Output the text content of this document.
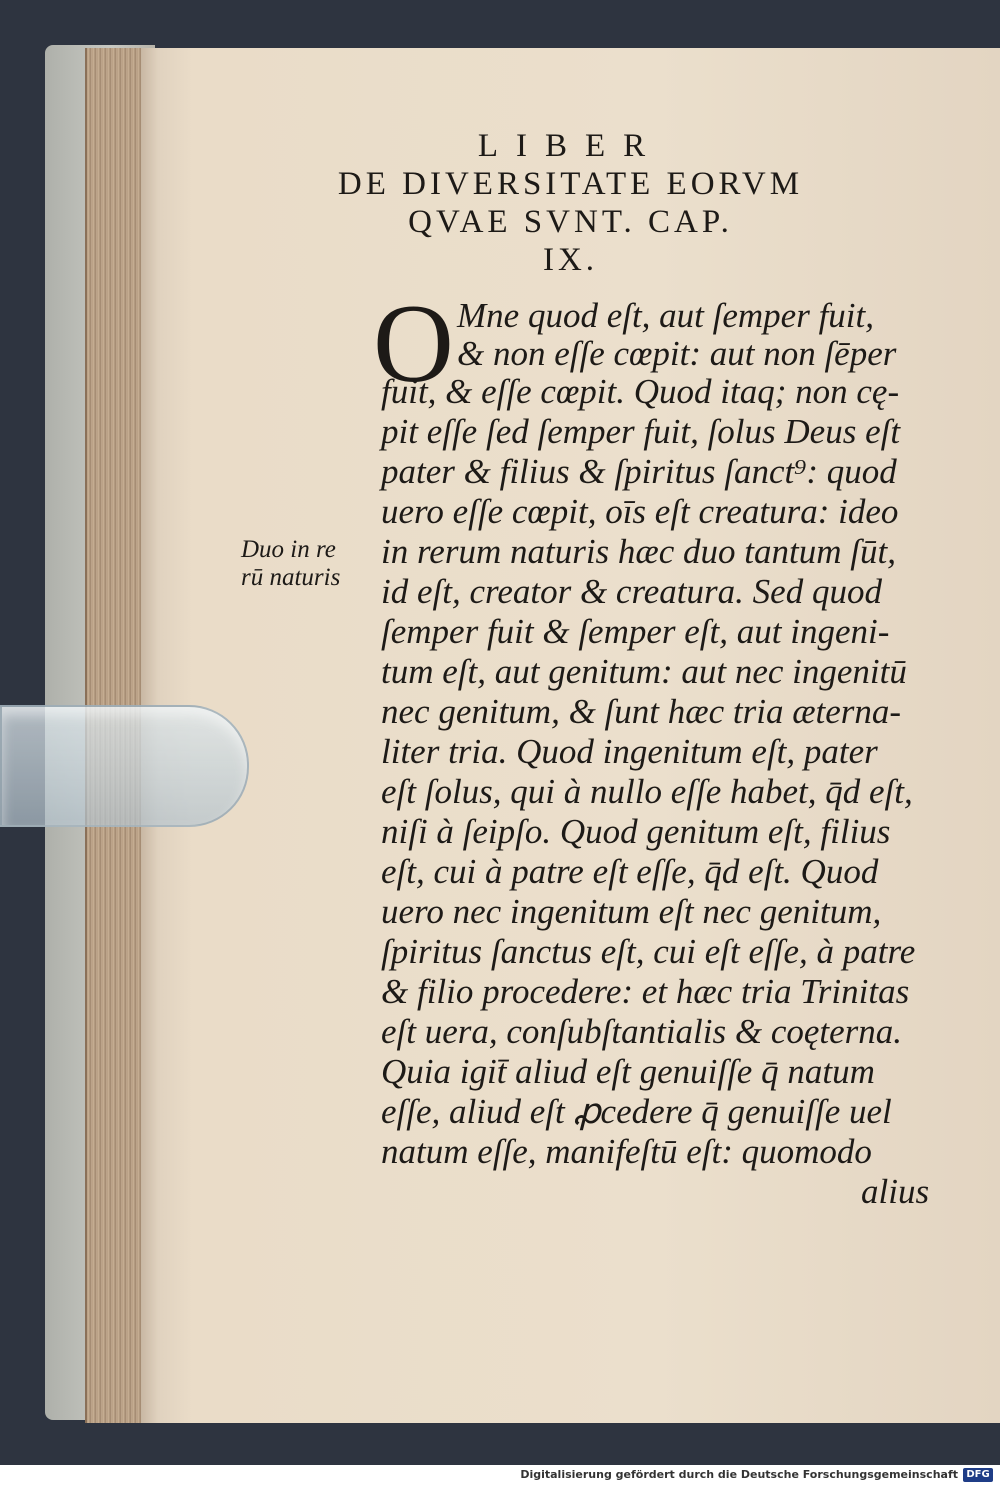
LIBER
DE DIVERSITATE EORVM
QVAE SVNT. CAP.
IX.
O Mne quod eſt, aut ſemper fuit,
& non eſſe cœpit: aut non ſēper
fuit, & eſſe cœpit. Quod itaq; non cę-
pit eſſe ſed ſemper fuit, ſolus Deus eſt
pater & filius & ſpiritus ſanct⁹: quod
uero eſſe cœpit, oīs eſt creatura: ideo
in rerum naturis hæc duo tantum ſūt,
id eſt, creator & creatura. Sed quod
ſemper fuit & ſemper eſt, aut ingeni-
tum eſt, aut genitum: aut nec ingenitū
nec genitum, & ſunt hæc tria æterna-
liter tria. Quod ingenitum eſt, pater
eſt ſolus, qui à nullo eſſe habet, q̄d eſt,
niſi à ſeipſo. Quod genitum eſt, filius
eſt, cui à patre eſt eſſe, q̄d eſt. Quod
uero nec ingenitum eſt nec genitum,
ſpiritus ſanctus eſt, cui eſt eſſe, à patre
& filio procedere: et hæc tria Trinitas
eſt uera, conſubſtantialis & coęterna.
Quia igit̄ aliud eſt genuiſſe q̄ natum
eſſe, aliud eſt ꝓcedere q̄ genuiſſe uel
natum eſſe, manifeſtū eſt: quomodo
alius
Duo in re
rū naturis
Digitalisierung gefördert durch die Deutsche Forschungsgemeinschaft DFG
